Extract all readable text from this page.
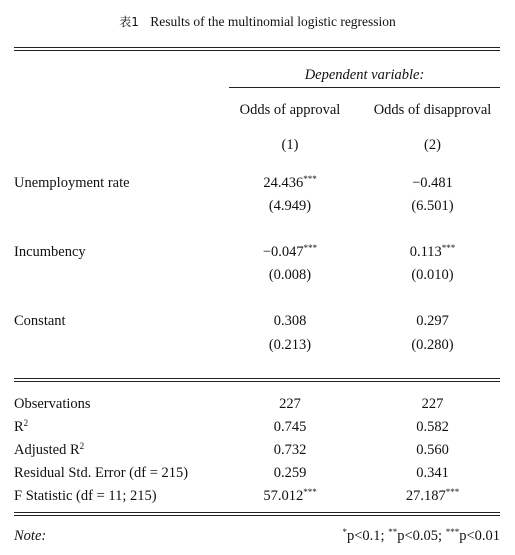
表1 Results of the multinomial logistic regression
Dependent variable:
Odds of approval	Odds of disapproval
(1)	(2)
Unemployment rate	24.436***	−0.481
(4.949)	(6.501)
Incumbency	−0.047***	0.113***
(0.008)	(0.010)
Constant	0.308	0.297
(0.213)	(0.280)
Observations	227	227
$R^2$	0.745	0.582
Adjusted $R^2$	0.732	0.560
Residual Std. Error (df = 215)	0.259	0.341
F Statistic (df = 11; 215)	57.012***	27.187***
Note:	*p<0.1; **p<0.05; ***p<0.01
